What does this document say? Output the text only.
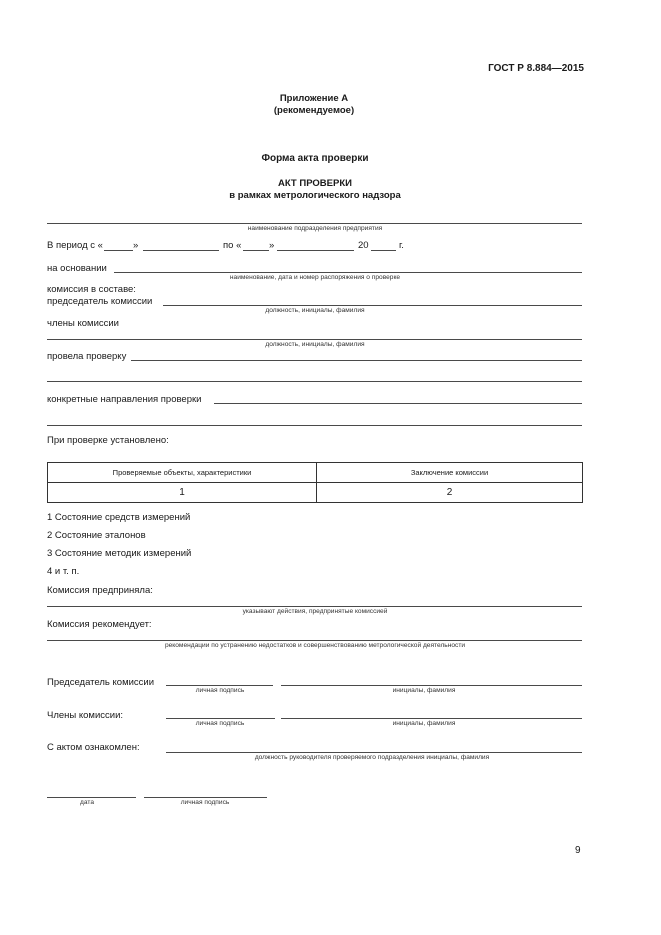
ГОСТ Р 8.884—2015
Приложение А
(рекомендуемое)
Форма акта проверки
АКТ ПРОВЕРКИ
в рамках метрологического надзора
наименование подразделения предприятия
В период с «	»	по «	»	20	г.
на основании
наименование, дата и номер распоряжения о проверке
комиссия в составе:
председатель комиссии
должность, инициалы, фамилия
члены комиссии
должность, инициалы, фамилия
провела проверку
конкретные направления проверки
При проверке установлено:
Проверяемые объекты, характеристики	Заключение комиссии
1	2
1 Состояние средств измерений
2 Состояние эталонов
3 Состояние методик измерений
4 и т. п.
Комиссия предприняла:
указывают действия, предпринятые комиссией
Комиссия рекомендует:
рекомендации по устранению недостатков и совершенствованию метрологической деятельности
Председатель комиссии
личная подпись	инициалы, фамилия
Члены комиссии:
личная подпись	инициалы, фамилия
С актом ознакомлен:
должность руководителя проверяемого подразделения инициалы, фамилия
дата	личная подпись
9
